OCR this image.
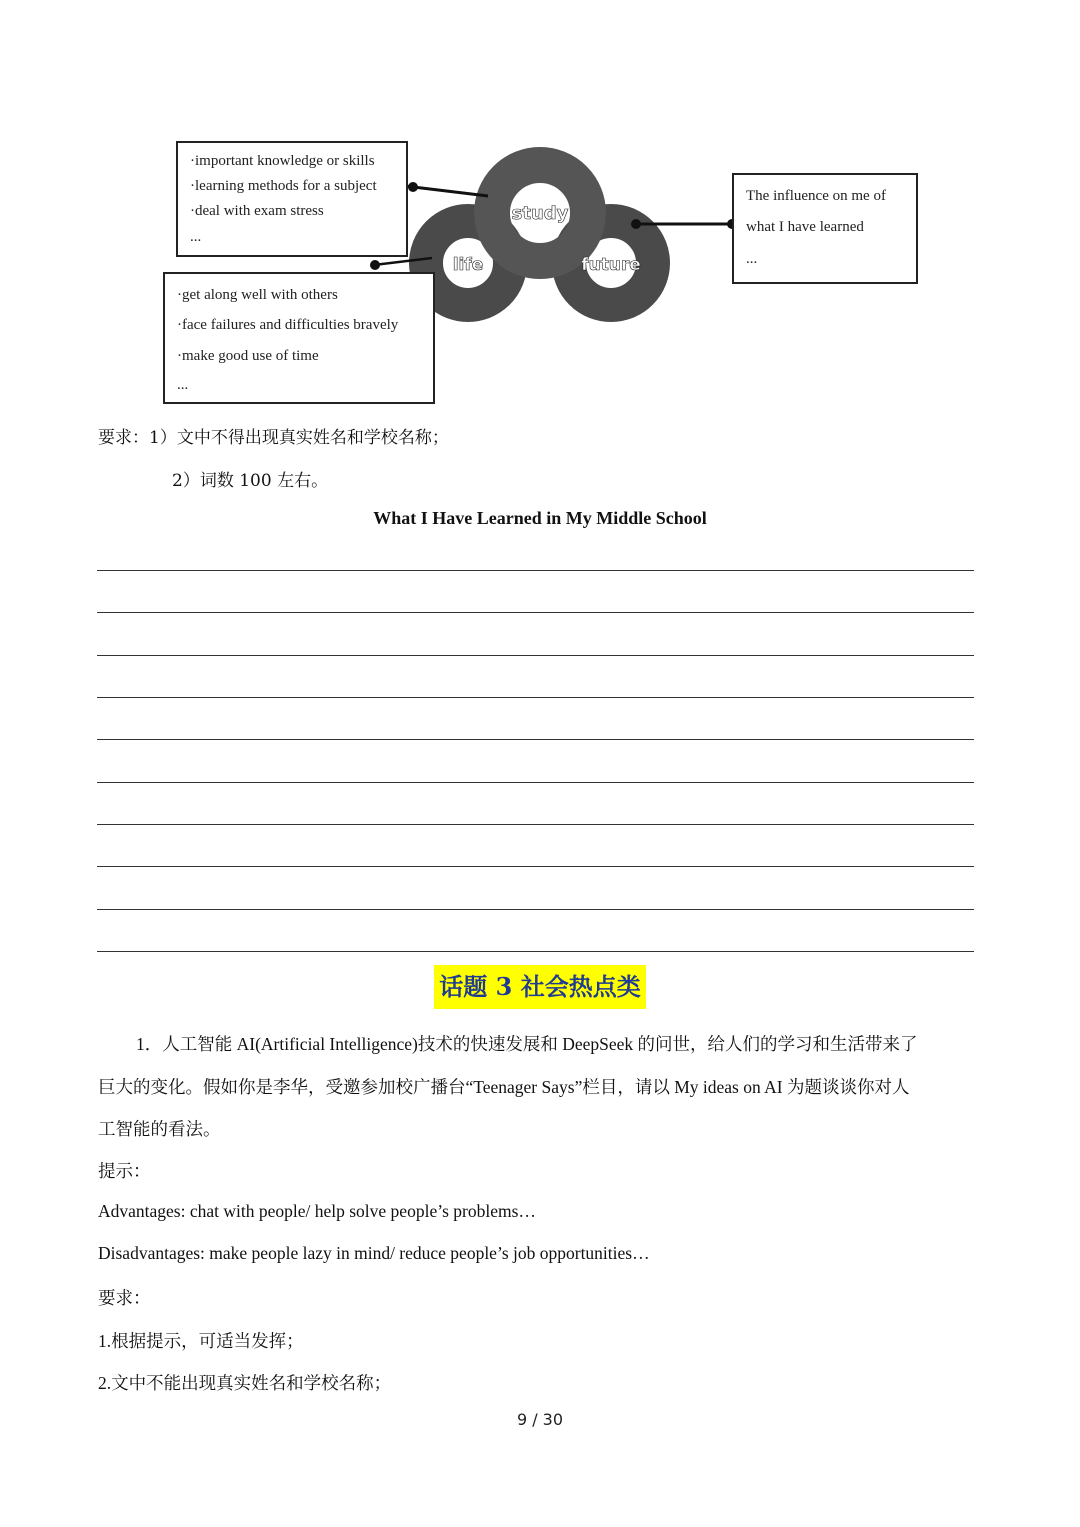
study
life	future
·important knowledge or skills
·learning methods for a subject
·deal with exam stress
...
·get along well with others
·face failures and difficulties bravely
·make good use of time
...
The influence on me of
what I have learned
...
要求：1）文中不得出现真实姓名和学校名称；
2）词数 100 左右。
What I Have Learned in My Middle School
话题 3 社会热点类
1．人工智能 AI(Artificial Intelligence)技术的快速发展和 DeepSeek 的问世，给人们的学习和生活带来了
巨大的变化。假如你是李华，受邀参加校广播台“Teenager Says”栏目，请以 My ideas on AI 为题谈谈你对人
工智能的看法。
提示：
Advantages: chat with people/ help solve people’s problems…
Disadvantages: make people lazy in mind/ reduce people’s job opportunities…
要求：
1.根据提示，可适当发挥；
2.文中不能出现真实姓名和学校名称；
9 / 30
